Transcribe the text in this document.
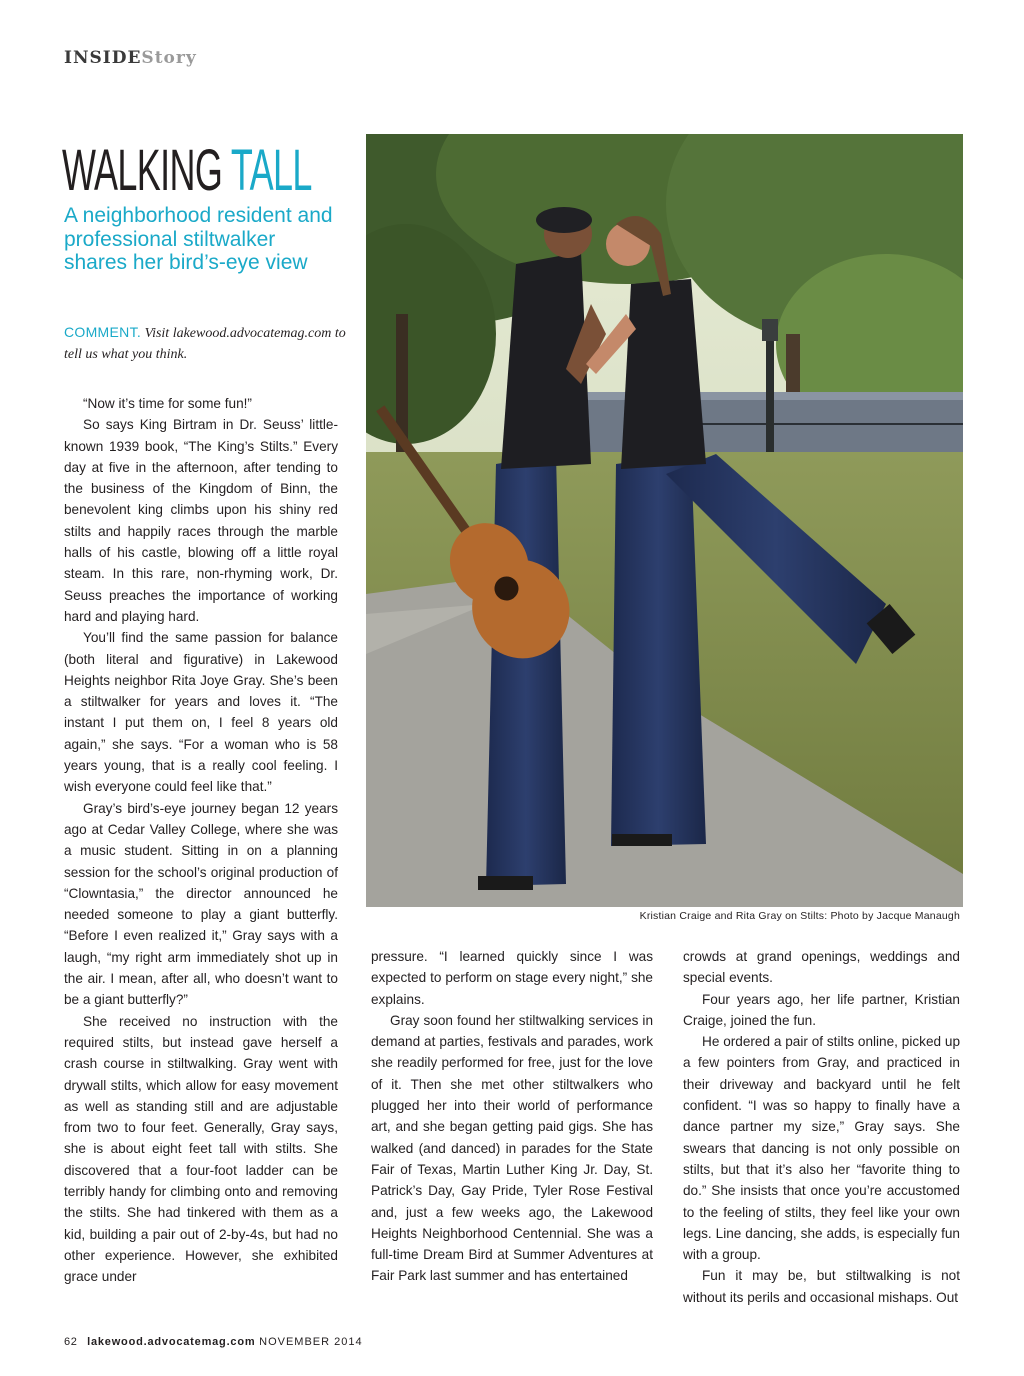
INSIDEStory
WALKING TALL
A neighborhood resident and professional stiltwalker shares her bird’s-eye view
COMMENT. Visit lakewood.advocatemag.com to tell us what you think.

“Now it’s time for some fun!”

So says King Birtram in Dr. Seuss’ little-known 1939 book, “The King’s Stilts.” Every day at five in the afternoon, after tending to the business of the Kingdom of Binn, the benevolent king climbs upon his shiny red stilts and happily races through the marble halls of his castle, blowing off a little royal steam. In this rare, non-rhyming work, Dr. Seuss preaches the importance of working hard and playing hard.

You’ll find the same passion for balance (both literal and figurative) in Lakewood Heights neighbor Rita Joye Gray. She’s been a stiltwalker for years and loves it. “The instant I put them on, I feel 8 years old again,” she says. “For a woman who is 58 years young, that is a really cool feeling. I wish everyone could feel like that.”

Gray’s bird’s-eye journey began 12 years ago at Cedar Valley College, where she was a music student. Sitting in on a planning session for the school’s original production of “Clowntasia,” the director announced he needed someone to play a giant butterfly. “Before I even realized it,” Gray says with a laugh, “my right arm immediately shot up in the air. I mean, after all, who doesn’t want to be a giant butterfly?”

She received no instruction with the required stilts, but instead gave herself a crash course in stiltwalking. Gray went with drywall stilts, which allow for easy movement as well as standing still and are adjustable from two to four feet. Generally, Gray says, she is about eight feet tall with stilts. She discovered that a four-foot ladder can be terribly handy for climbing onto and removing the stilts. She had tinkered with them as a kid, building a pair out of 2-by-4s, but had no other experience. However, she exhibited grace under

Kristian Craige and Rita Gray on Stilts: Photo by Jacque Manaugh

pressure. “I learned quickly since I was expected to perform on stage every night,” she explains.

Gray soon found her stiltwalking services in demand at parties, festivals and parades, work she readily performed for free, just for the love of it. Then she met other stiltwalkers who plugged her into their world of performance art, and she began getting paid gigs. She has walked (and danced) in parades for the State Fair of Texas, Martin Luther King Jr. Day, St. Patrick’s Day, Gay Pride, Tyler Rose Festival and, just a few weeks ago, the Lakewood Heights Neighborhood Centennial. She was a full-time Dream Bird at Summer Adventures at Fair Park last summer and has entertained

crowds at grand openings, weddings and special events.

Four years ago, her life partner, Kristian Craige, joined the fun.

He ordered a pair of stilts online, picked up a few pointers from Gray, and practiced in their driveway and backyard until he felt confident. “I was so happy to finally have a dance partner my size,” Gray says. She swears that dancing is not only possible on stilts, but that it’s also her “favorite thing to do.” She insists that once you’re accustomed to the feeling of stilts, they feel like your own legs. Line dancing, she adds, is especially fun with a group.

Fun it may be, but stiltwalking is not without its perils and occasional mishaps. Out

62 lakewood.advocatemag.com NOVEMBER 2014
